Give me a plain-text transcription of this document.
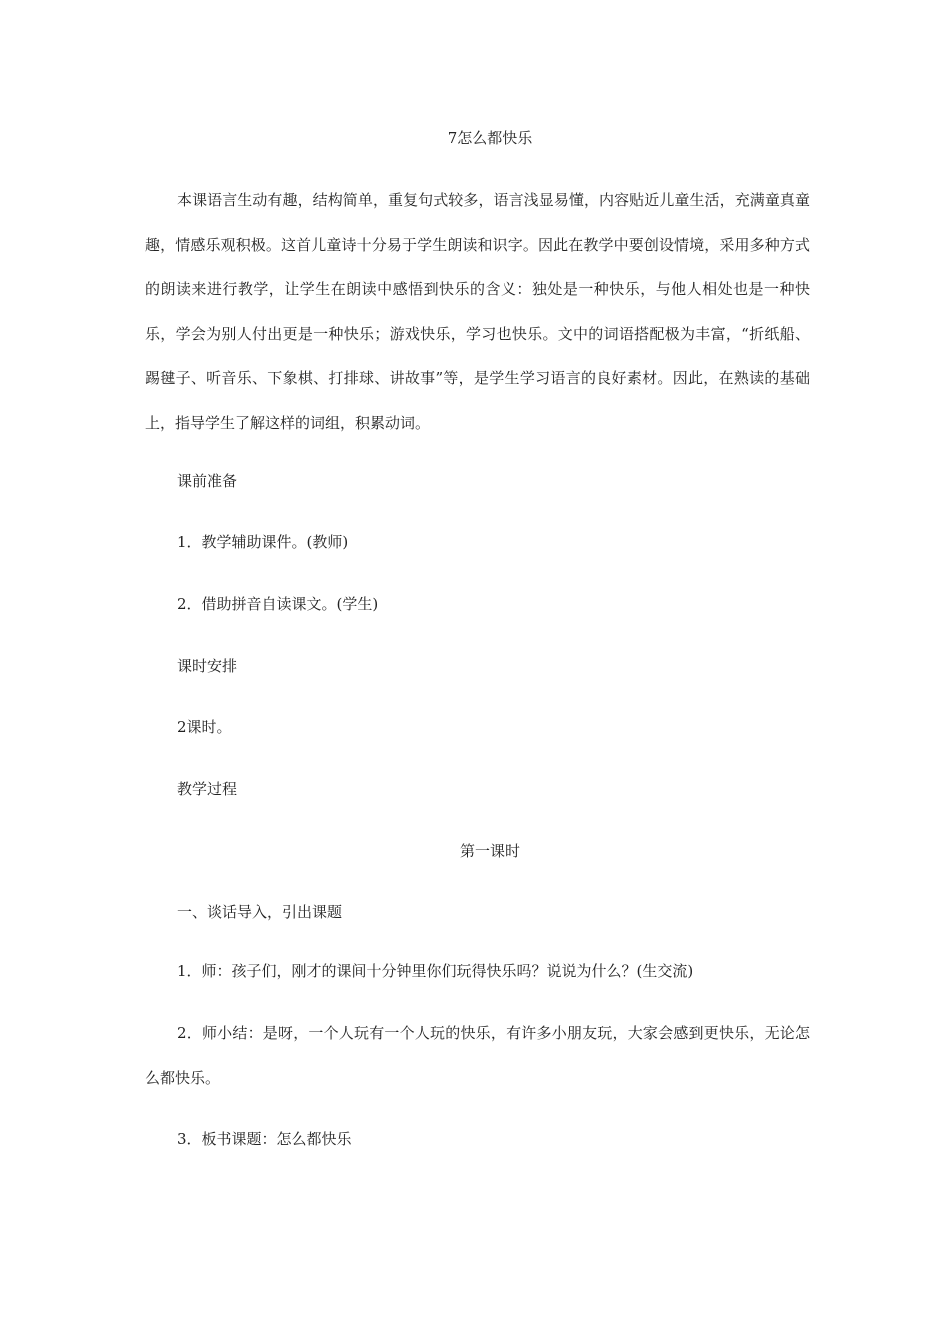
7怎么都快乐
本课语言生动有趣，结构简单，重复句式较多，语言浅显易懂，内容贴近儿童生活，充满童真童趣，情感乐观积极。这首儿童诗十分易于学生朗读和识字。因此在教学中要创设情境，采用多种方式的朗读来进行教学，让学生在朗读中感悟到快乐的含义：独处是一种快乐，与他人相处也是一种快乐，学会为别人付出更是一种快乐；游戏快乐，学习也快乐。文中的词语搭配极为丰富，“折纸船、踢毽子、听音乐、下象棋、打排球、讲故事”等，是学生学习语言的良好素材。因此，在熟读的基础上，指导学生了解这样的词组，积累动词。
课前准备
1．教学辅助课件。(教师)
2．借助拼音自读课文。(学生)
课时安排
2课时。
教学过程
第一课时
一、谈话导入，引出课题
1．师：孩子们，刚才的课间十分钟里你们玩得快乐吗？说说为什么？(生交流)
2．师小结：是呀，一个人玩有一个人玩的快乐，有许多小朋友玩，大家会感到更快乐，无论怎么都快乐。
3．板书课题：怎么都快乐
